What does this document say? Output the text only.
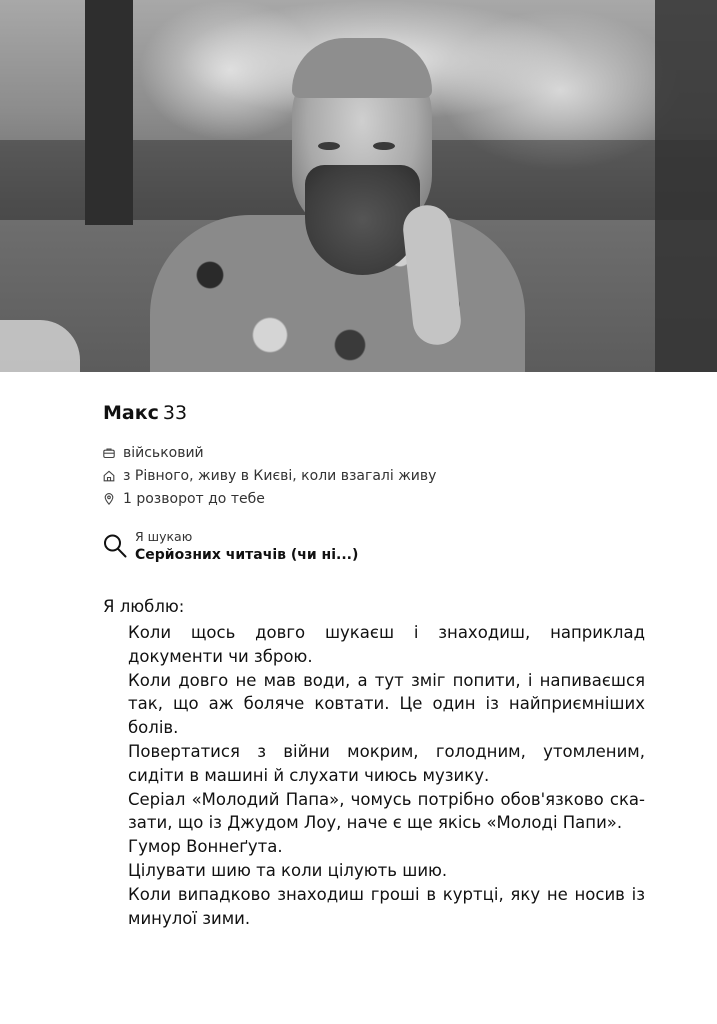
Макс 33
військовий
з Рівного, живу в Києві, коли взагалі живу
1 розворот до тебе
Я шукаю
Серйозних читачів (чи ні...)
Я люблю:
Коли щось довго шукаєш і знаходиш, наприклад документи чи зброю.
Коли довго не мав води, а тут зміг попити, і напиваєшся так, що аж боляче ковтати. Це один із найприємніших болів.
Повертатися з війни мокрим, голодним, утомленим, сидіти в машині й слухати чиюсь музику.
Серіал «Молодий Папа», чомусь потрібно обов'язково сказати, що із Джудом Лоу, наче є ще якісь «Молоді Папи».
Гумор Воннеґута.
Цілувати шию та коли цілують шию.
Коли випадково знаходиш гроші в куртці, яку не носив із минулої зими.
